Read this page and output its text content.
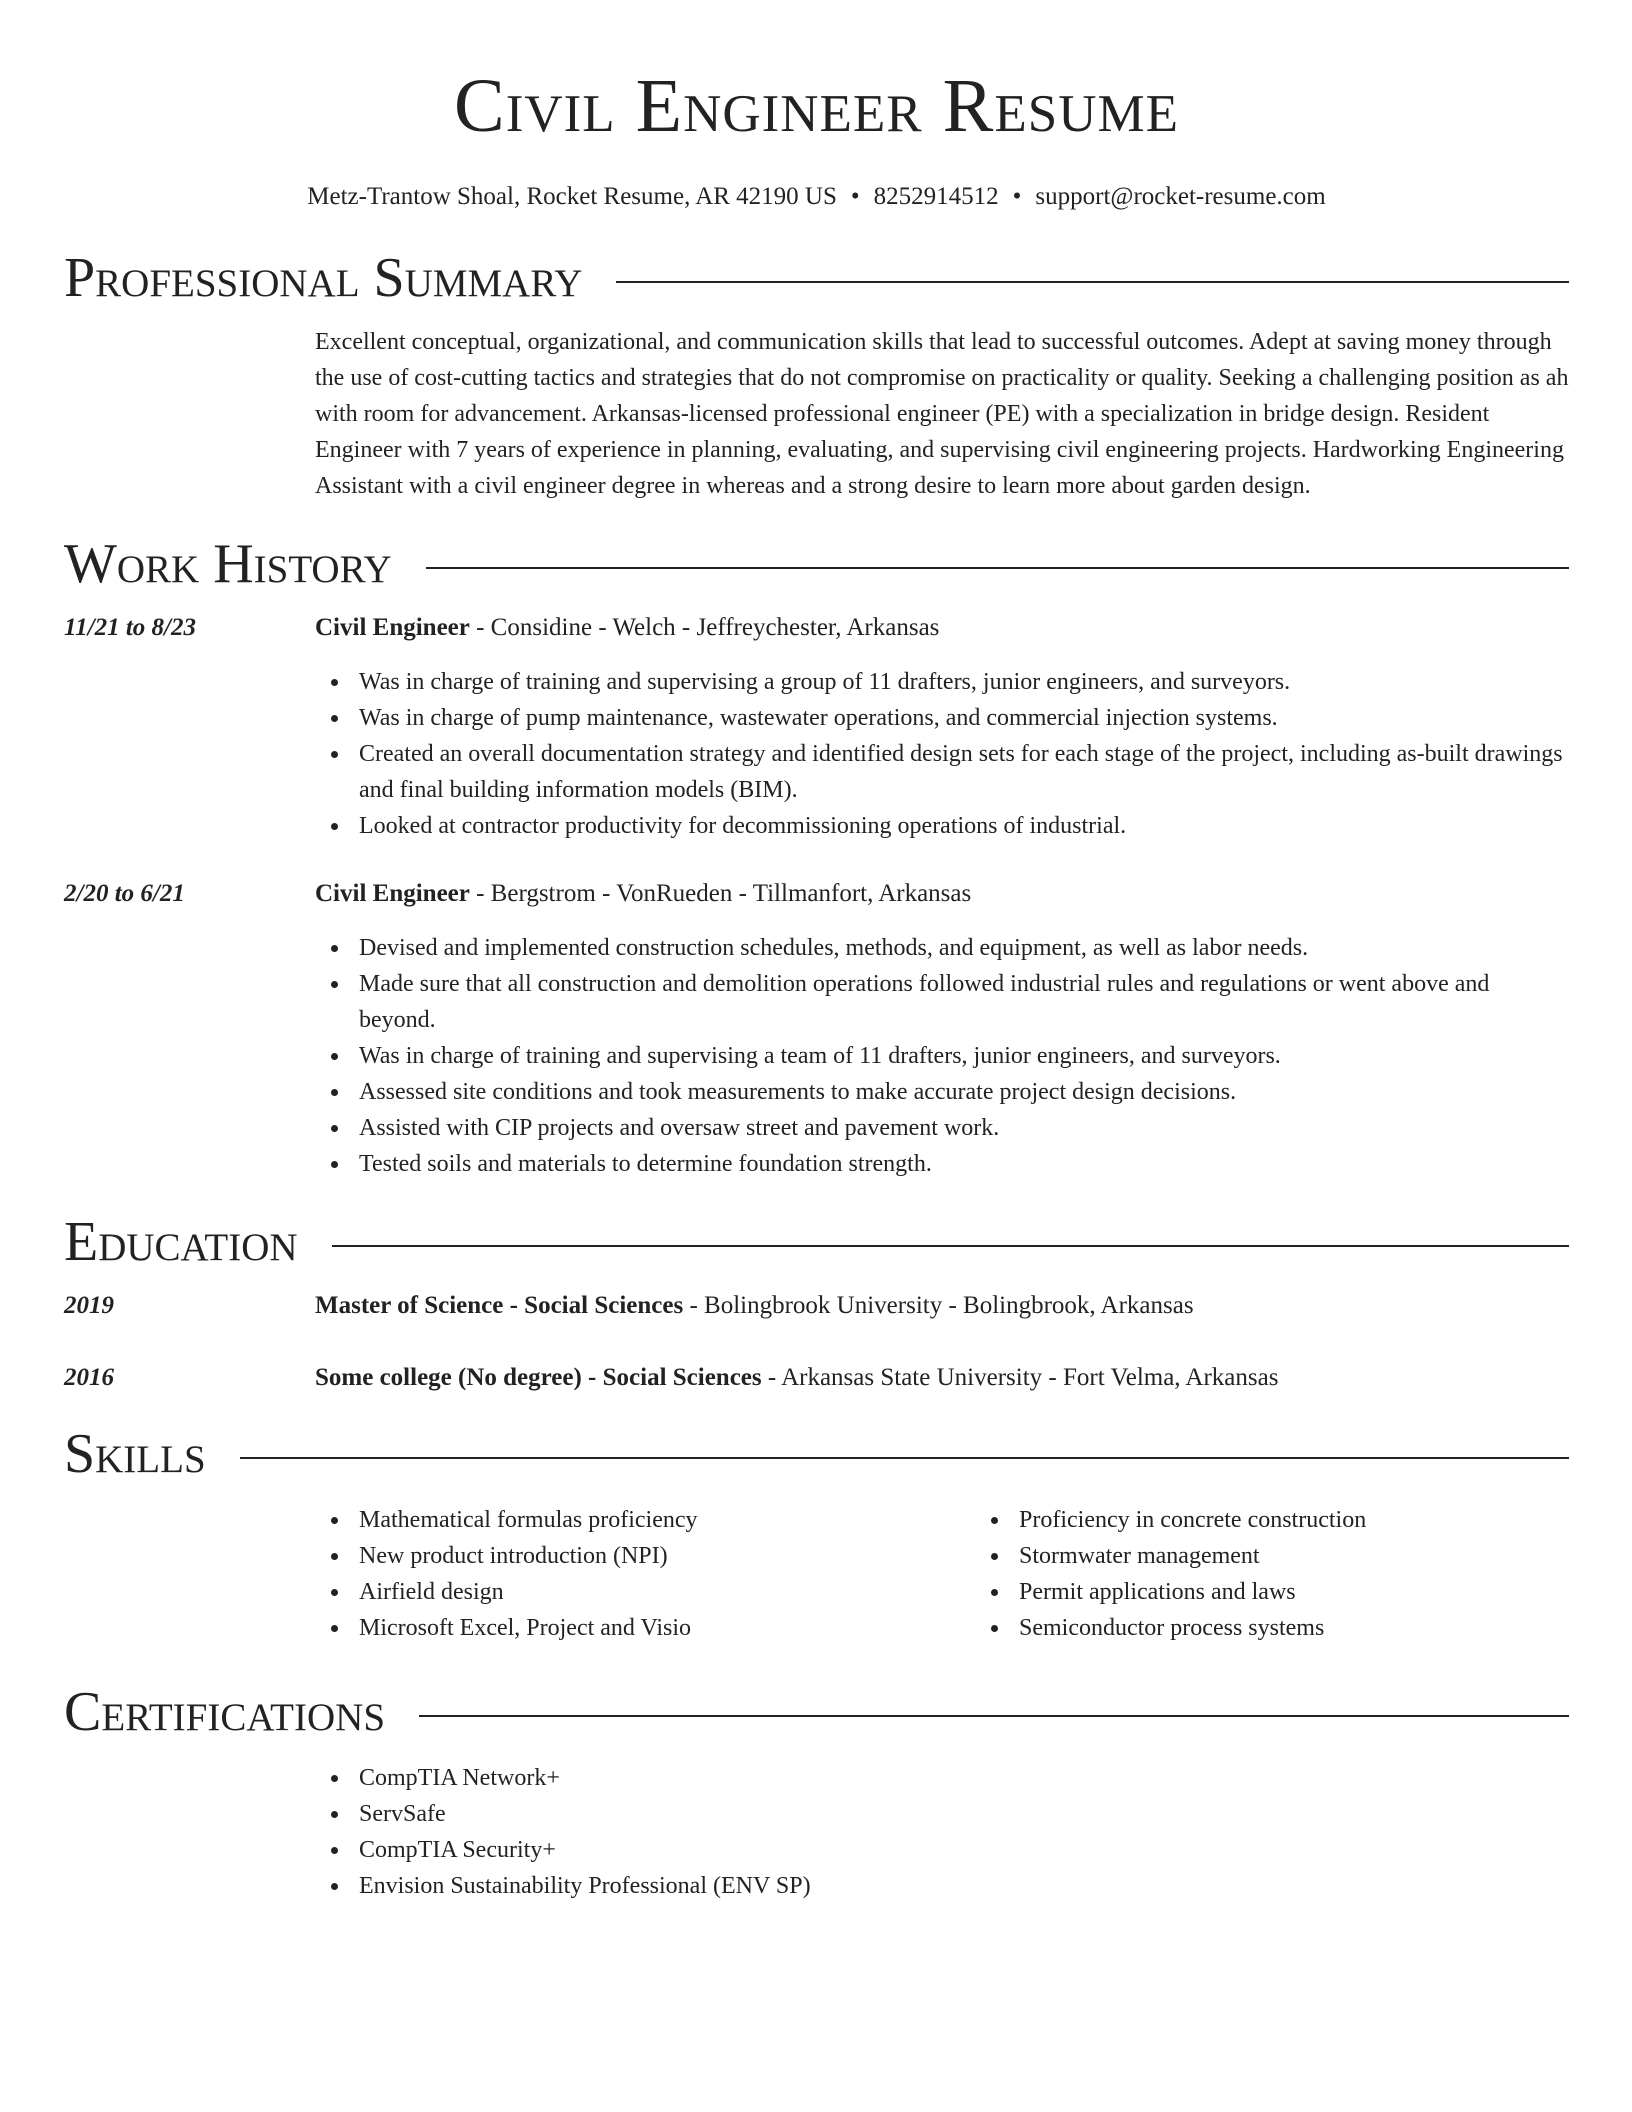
Civil Engineer Resume
Metz-Trantow Shoal, Rocket Resume, AR 42190 US • 8252914512 • support@rocket-resume.com
Professional Summary

Excellent conceptual, organizational, and communication skills that lead to successful outcomes. Adept at saving money through the use of cost-cutting tactics and strategies that do not compromise on practicality or quality. Seeking a challenging position as ah with room for advancement. Arkansas-licensed professional engineer (PE) with a specialization in bridge design. Resident Engineer with 7 years of experience in planning, evaluating, and supervising civil engineering projects. Hardworking Engineering Assistant with a civil engineer degree in whereas and a strong desire to learn more about garden design.

Work History
11/21 to 8/23	Civil Engineer - Considine - Welch - Jeffreychester, Arkansas
Was in charge of training and supervising a group of 11 drafters, junior engineers, and surveyors.
Was in charge of pump maintenance, wastewater operations, and commercial injection systems.
Created an overall documentation strategy and identified design sets for each stage of the project, including as-built drawings and final building information models (BIM).
Looked at contractor productivity for decommissioning operations of industrial.
2/20 to 6/21	Civil Engineer - Bergstrom - VonRueden - Tillmanfort, Arkansas
Devised and implemented construction schedules, methods, and equipment, as well as labor needs.
Made sure that all construction and demolition operations followed industrial rules and regulations or went above and beyond.
Was in charge of training and supervising a team of 11 drafters, junior engineers, and surveyors.
Assessed site conditions and took measurements to make accurate project design decisions.
Assisted with CIP projects and oversaw street and pavement work.
Tested soils and materials to determine foundation strength.
Education
2019	Master of Science - Social Sciences - Bolingbrook University - Bolingbrook, Arkansas
2016	Some college (No degree) - Social Sciences - Arkansas State University - Fort Velma, Arkansas
Skills
Mathematical formulas proficiency
New product introduction (NPI)
Airfield design
Microsoft Excel, Project and Visio
Proficiency in concrete construction
Stormwater management
Permit applications and laws
Semiconductor process systems
Certifications
CompTIA Network+
ServSafe
CompTIA Security+
Envision Sustainability Professional (ENV SP)
